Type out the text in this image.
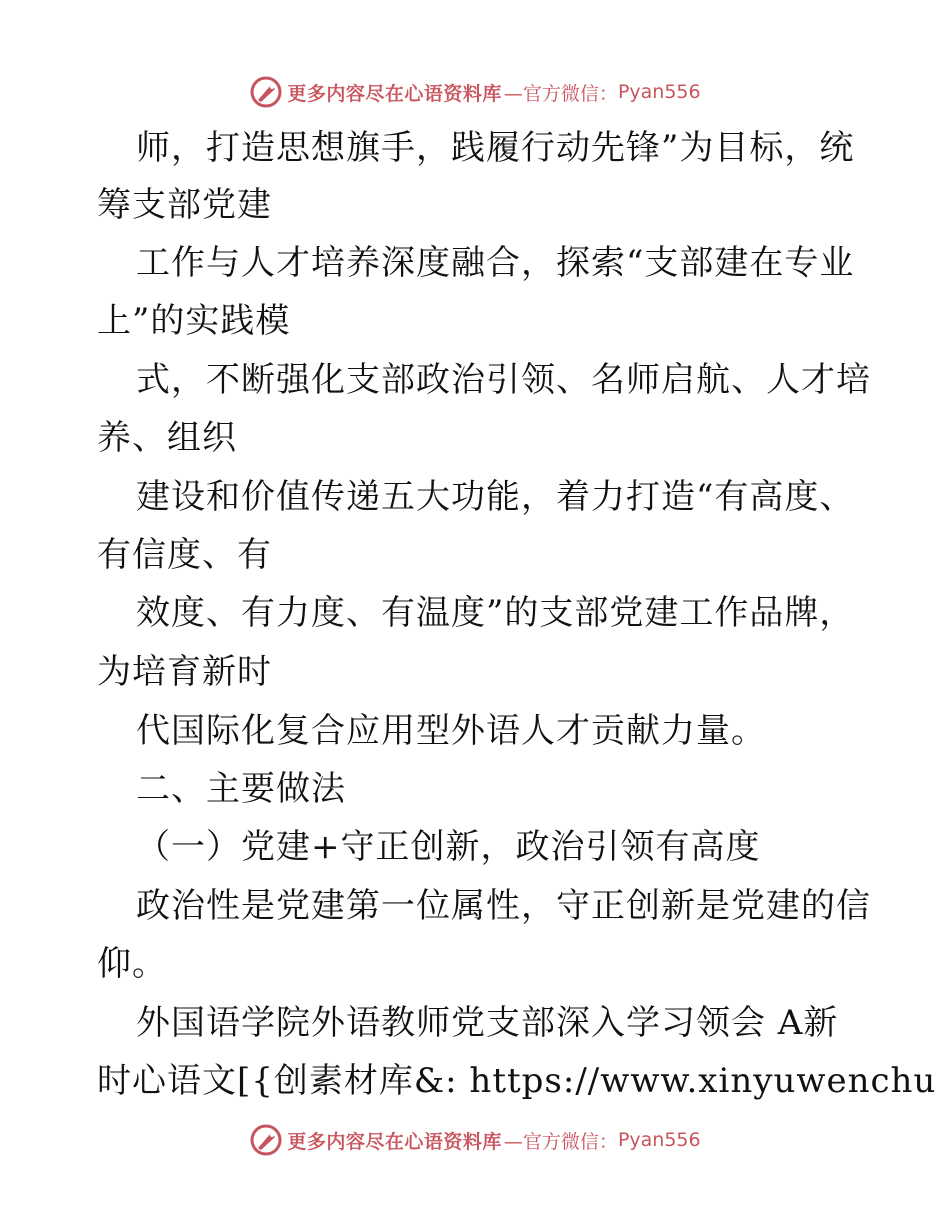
更多内容尽在心语资料库 —官方微信： Pyan556
师，打造思想旗手，践履行动先锋”为目标，统
筹支部党建
工作与人才培养深度融合，探索“支部建在专业
上”的实践模
式，不断强化支部政治引领、名师启航、人才培
养、组织
建设和价值传递五大功能，着力打造“有高度、
有信度、有
效度、有力度、有温度”的支部党建工作品牌，
为培育新时
代国际化复合应用型外语人才贡献力量。
二、主要做法
（一）党建+守正创新，政治引领有高度
政治性是党建第一位属性，守正创新是党建的信
仰。
外国语学院外语教师党支部深入学习领会 A新
时心语文[{创素材库&: https://www.xinyuwenchu
更多内容尽在心语资料库 —官方微信： Pyan556
